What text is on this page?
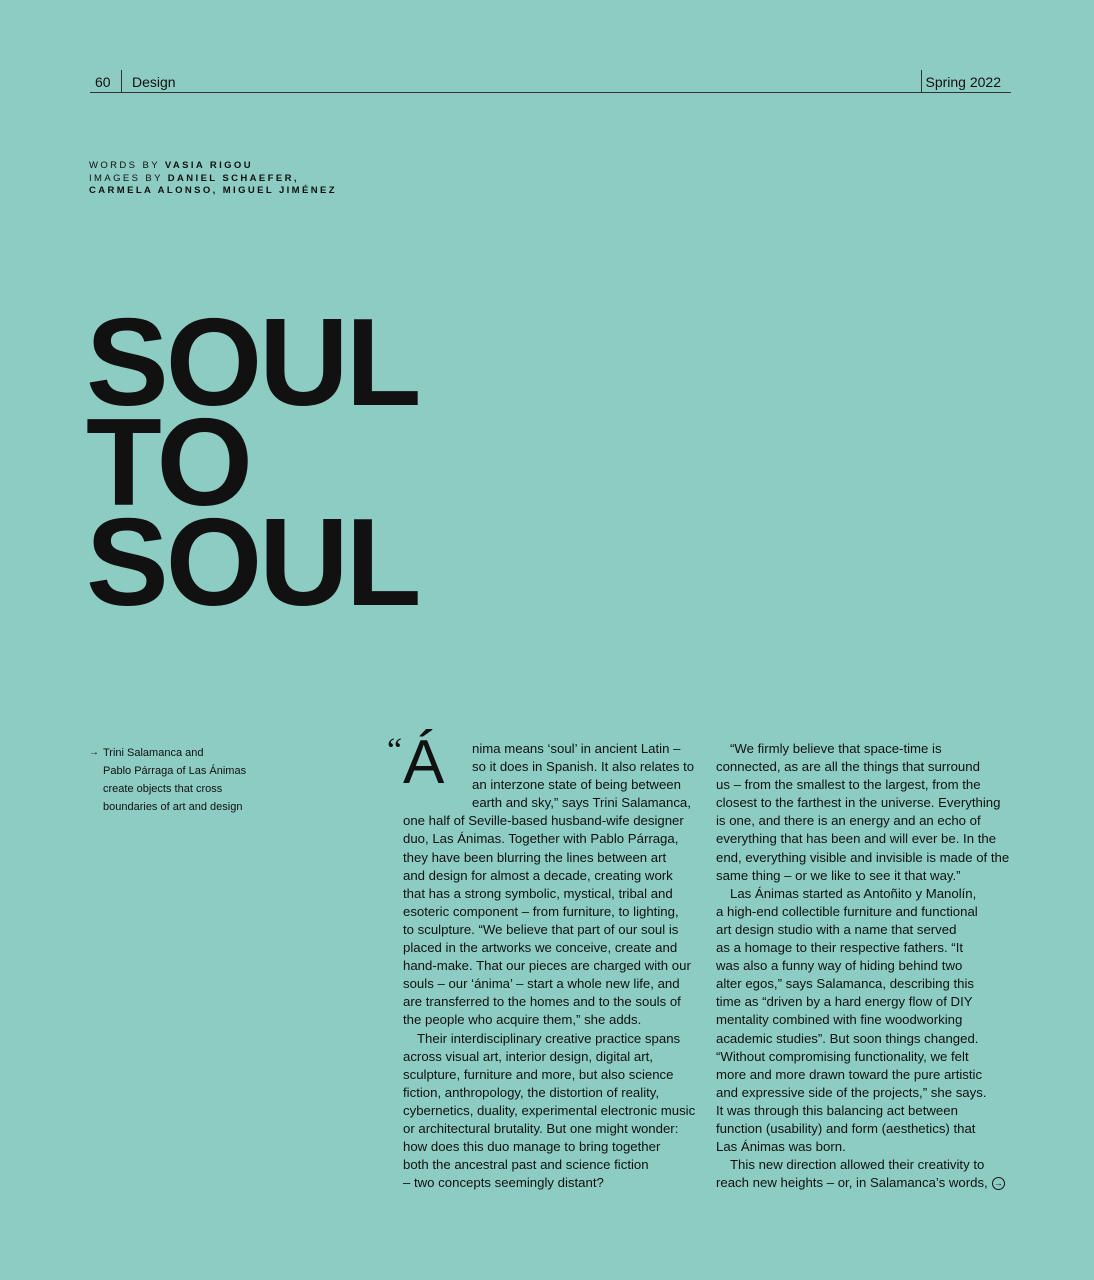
60 Design	Spring 2022
WORDS BY VASIA RIGOU
IMAGES BY DANIEL SCHAEFER,
CARMELA ALONSO, MIGUEL JIMÉNEZ
SOUL
TO
SOUL
→ Trini Salamanca and
Pablo Párraga of Las Ánimas
create objects that cross
boundaries of art and design
“ Á nima means ‘soul’ in ancient Latin –
so it does in Spanish. It also relates to
an interzone state of being between
earth and sky,” says Trini Salamanca,

one half of Seville-based husband-wife designer
duo, Las Ánimas. Together with Pablo Párraga,
they have been blurring the lines between art
and design for almost a decade, creating work
that has a strong symbolic, mystical, tribal and
esoteric component – from furniture, to lighting,
to sculpture. “We believe that part of our soul is
placed in the artworks we conceive, create and
hand-make. That our pieces are charged with our
souls – our ‘ánima’ – start a whole new life, and
are transferred to the homes and to the souls of
the people who acquire them,” she adds.

Their interdisciplinary creative practice spans
across visual art, interior design, digital art,
sculpture, furniture and more, but also science
fiction, anthropology, the distortion of reality,
cybernetics, duality, experimental electronic music
or architectural brutality. But one might wonder:
how does this duo manage to bring together
both the ancestral past and science fiction
– two concepts seemingly distant?

“We firmly believe that space-time is
connected, as are all the things that surround
us – from the smallest to the largest, from the
closest to the farthest in the universe. Everything
is one, and there is an energy and an echo of
everything that has been and will ever be. In the
end, everything visible and invisible is made of the
same thing – or we like to see it that way.”

Las Ánimas started as Antoñito y Manolín,
a high-end collectible furniture and functional
art design studio with a name that served
as a homage to their respective fathers. “It
was also a funny way of hiding behind two
alter egos,” says Salamanca, describing this
time as “driven by a hard energy flow of DIY
mentality combined with fine woodworking
academic studies”. But soon things changed.
“Without compromising functionality, we felt
more and more drawn toward the pure artistic
and expressive side of the projects,” she says.
It was through this balancing act between
function (usability) and form (aesthetics) that
Las Ánimas was born.

This new direction allowed their creativity to
reach new heights – or, in Salamanca’s words, →
